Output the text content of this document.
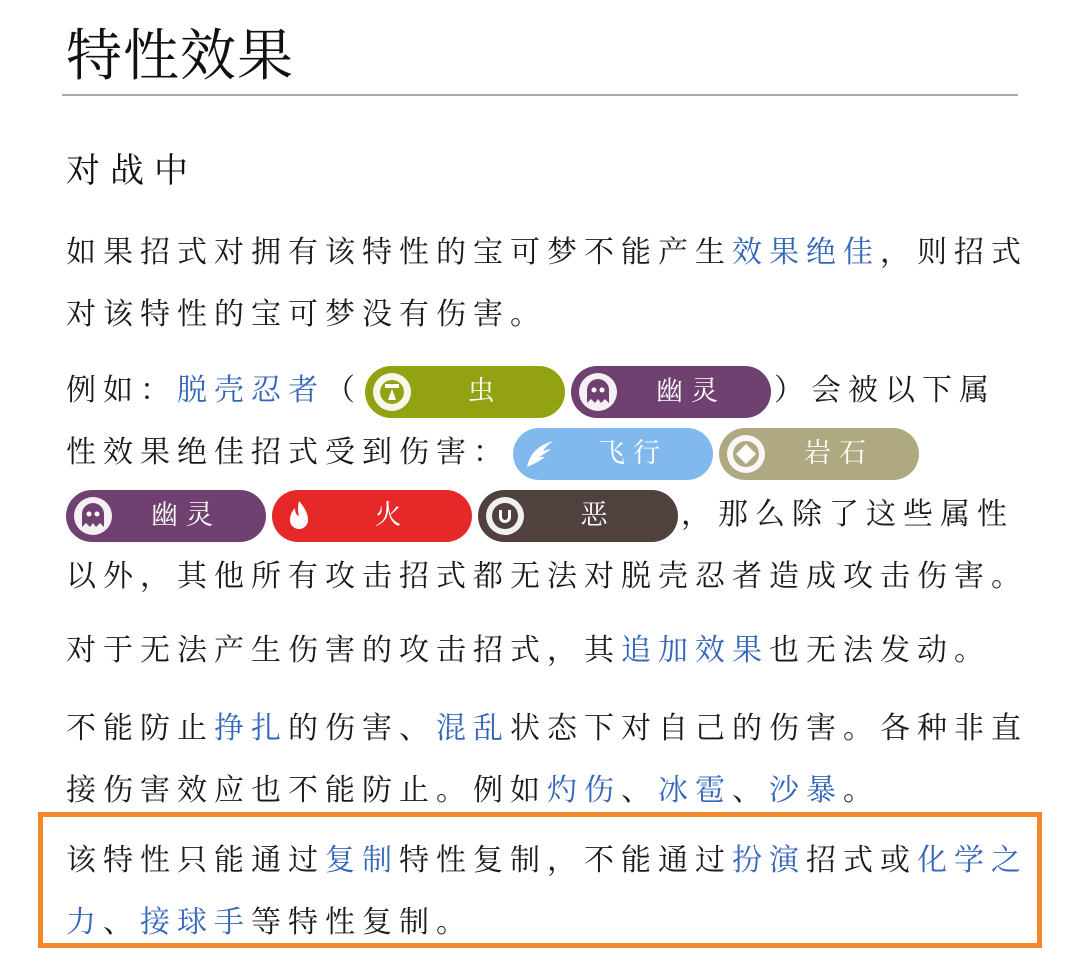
特性效果
对战中
如果招式对拥有该特性的宝可梦不能产生效果绝佳，则招式
对该特性的宝可梦没有伤害。
例如：脱壳忍者（	虫	幽灵	）会被以下属
性效果绝佳招式受到伤害：	飞行	岩石

幽灵	火	恶	，那么除了这些属性
以外，其他所有攻击招式都无法对脱壳忍者造成攻击伤害。
对于无法产生伤害的攻击招式，其追加效果也无法发动。
不能防止挣扎的伤害、混乱状态下对自己的伤害。各种非直
接伤害效应也不能防止。例如灼伤、冰雹、沙暴。
该特性只能通过复制特性复制，不能通过扮演招式或化学之
力、接球手等特性复制。
